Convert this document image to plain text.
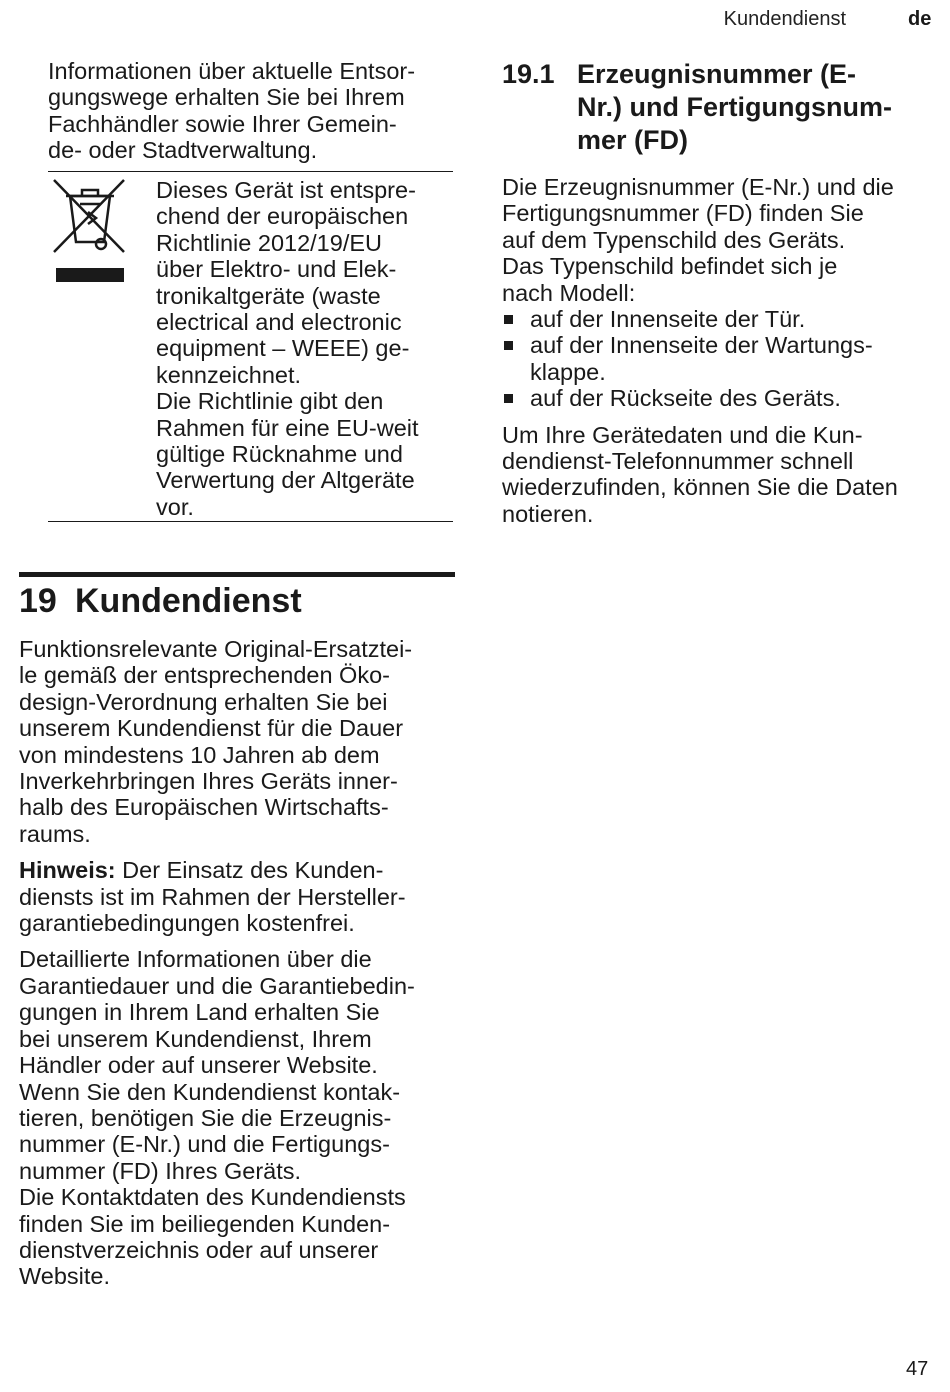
Kundendienst	de

Informationen über aktuelle Entsor-

gungswege erhalten Sie bei Ihrem

Fachhändler sowie Ihrer Gemein-

de- oder Stadtverwaltung.

Dieses Gerät ist entspre-

chend der europäischen

Richtlinie 2012/19/EU

über Elektro- und Elek-

tronikaltgeräte (waste

electrical and electronic

equipment – WEEE) ge-

kennzeichnet.

Die Richtlinie gibt den

Rahmen für eine EU-weit

gültige Rücknahme und

Verwertung der Altgeräte

vor.

19 Kundendienst

Funktionsrelevante Original-Ersatztei-

le gemäß der entsprechenden Öko-

design-Verordnung erhalten Sie bei

unserem Kundendienst für die Dauer

von mindestens 10 Jahren ab dem

Inverkehrbringen Ihres Geräts inner-

halb des Europäischen Wirtschafts-

raums.

Hinweis: Der Einsatz des Kunden-

diensts ist im Rahmen der Hersteller-

garantiebedingungen kostenfrei.

Detaillierte Informationen über die

Garantiedauer und die Garantiebedin-

gungen in Ihrem Land erhalten Sie

bei unserem Kundendienst, Ihrem

Händler oder auf unserer Website.

Wenn Sie den Kundendienst kontak-

tieren, benötigen Sie die Erzeugnis-

nummer (E-Nr.) und die Fertigungs-

nummer (FD) Ihres Geräts.

Die Kontaktdaten des Kundendiensts

finden Sie im beiliegenden Kunden-

dienstverzeichnis oder auf unserer

Website.

19.1 Erzeugnisnummer (E-
Nr.) und Fertigungsnum-
mer (FD)

Die Erzeugnisnummer (E-Nr.) und die

Fertigungsnummer (FD) finden Sie

auf dem Typenschild des Geräts.

Das Typenschild befindet sich je

nach Modell:

auf der Innenseite der Tür.
auf der Innenseite der Wartungs-
klappe.
auf der Rückseite des Geräts.

Um Ihre Gerätedaten und die Kun-

dendienst-Telefonnummer schnell

wiederzufinden, können Sie die Daten

notieren.

47
